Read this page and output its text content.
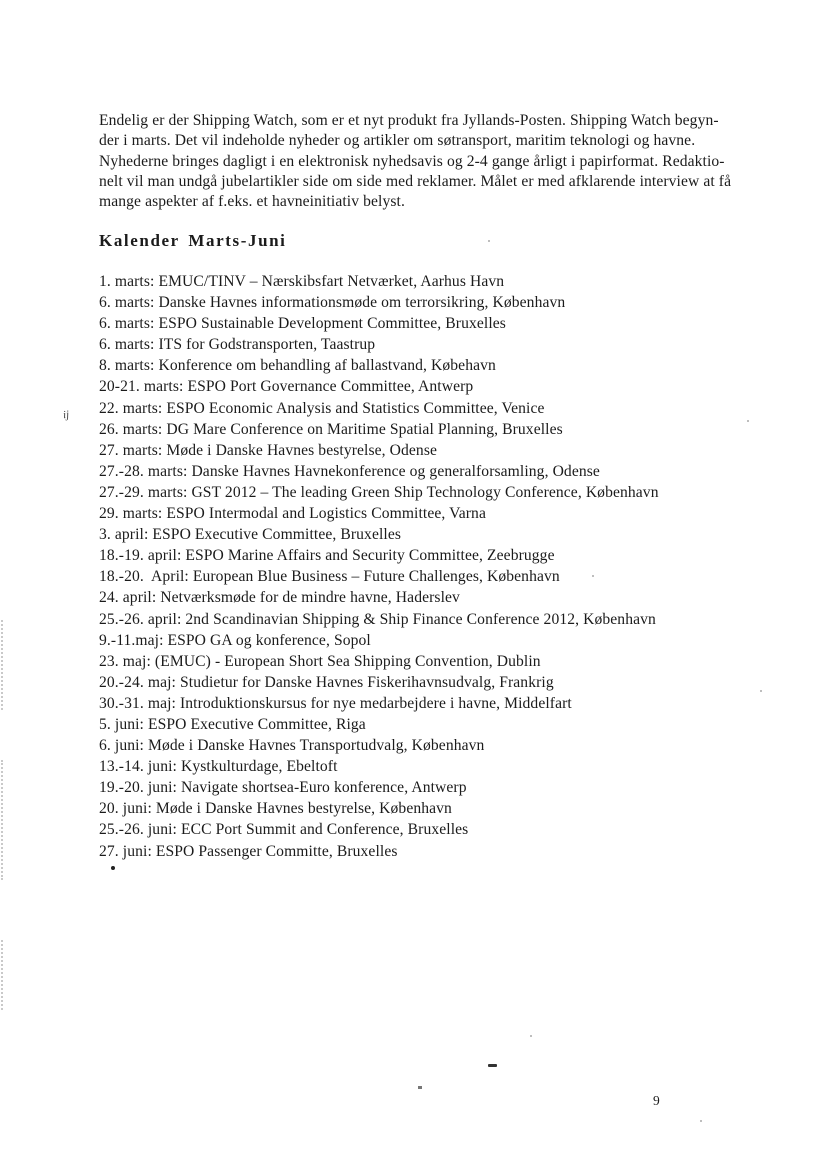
Endelig er der Shipping Watch, som er et nyt produkt fra Jyllands-Posten. Shipping Watch begyn-
der i marts. Det vil indeholde nyheder og artikler om søtransport, maritim teknologi og havne.
Nyhederne bringes dagligt i en elektronisk nyhedsavis og 2-4 gange årligt i papirformat. Redaktio-
nelt vil man undgå jubelartikler side om side med reklamer. Målet er med afklarende interview at få
mange aspekter af f.eks. et havneinitiativ belyst.
Kalender Marts-Juni
1. marts: EMUC/TINV – Nærskibsfart Netværket, Aarhus Havn
6. marts: Danske Havnes informationsmøde om terrorsikring, København
6. marts: ESPO Sustainable Development Committee, Bruxelles
6. marts: ITS for Godstransporten, Taastrup
8. marts: Konference om behandling af ballastvand, Købehavn
20-21. marts: ESPO Port Governance Committee, Antwerp
22. marts: ESPO Economic Analysis and Statistics Committee, Venice
26. marts: DG Mare Conference on Maritime Spatial Planning, Bruxelles
27. marts: Møde i Danske Havnes bestyrelse, Odense
27.-28. marts: Danske Havnes Havnekonference og generalforsamling, Odense
27.-29. marts: GST 2012 – The leading Green Ship Technology Conference, København
29. marts: ESPO Intermodal and Logistics Committee, Varna
3. april: ESPO Executive Committee, Bruxelles
18.-19. april: ESPO Marine Affairs and Security Committee, Zeebrugge
18.-20.  April: European Blue Business – Future Challenges, København
24. april: Netværksmøde for de mindre havne, Haderslev
25.-26. april: 2nd Scandinavian Shipping & Ship Finance Conference 2012, København
9.-11.maj: ESPO GA og konference, Sopol
23. maj: (EMUC) - European Short Sea Shipping Convention, Dublin
20.-24. maj: Studietur for Danske Havnes Fiskerihavnsudvalg, Frankrig
30.-31. maj: Introduktionskursus for nye medarbejdere i havne, Middelfart
5. juni: ESPO Executive Committee, Riga
6. juni: Møde i Danske Havnes Transportudvalg, København
13.-14. juni: Kystkulturdage, Ebeltoft
19.-20. juni: Navigate shortsea-Euro konference, Antwerp
20. juni: Møde i Danske Havnes bestyrelse, København
25.-26. juni: ECC Port Summit and Conference, Bruxelles
27. juni: ESPO Passenger Committe, Bruxelles
9
ij
